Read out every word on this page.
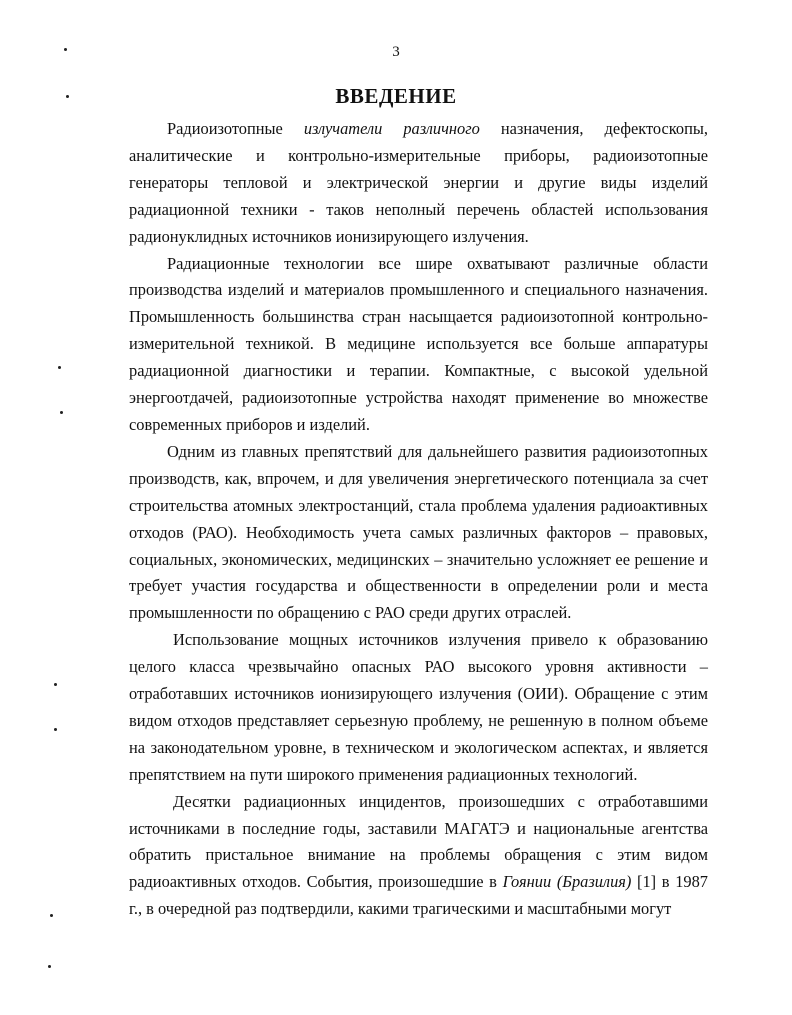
3
ВВЕДЕНИЕ

Радиоизотопные излучатели различного назначения, дефектоскопы, аналитические и контрольно-измерительные приборы, радиоизотопные генераторы тепловой и электрической энергии и другие виды изделий радиационной техники - таков неполный перечень областей использования радионуклидных источников ионизирующего излучения.

Радиационные технологии все шире охватывают различные области производства изделий и материалов промышленного и специального назначения. Промышленность большинства стран насыщается радиоизотопной контрольно-измерительной техникой. В медицине используется все больше аппаратуры радиационной диагностики и терапии. Компактные, с высокой удельной энергоотдачей, радиоизотопные устройства находят применение во множестве современных приборов и изделий.

Одним из главных препятствий для дальнейшего развития радиоизотопных производств, как, впрочем, и для увеличения энергетического потенциала за счет строительства атомных электростанций, стала проблема удаления радиоактивных отходов (РАО). Необходимость учета самых различных факторов – правовых, социальных, экономических, медицинских – значительно усложняет ее решение и требует участия государства и общественности в определении роли и места промышленности по обращению с РАО среди других отраслей.

Использование мощных источников излучения привело к образованию целого класса чрезвычайно опасных РАО высокого уровня активности – отработавших источников ионизирующего излучения (ОИИ). Обращение с этим видом отходов представляет серьезную проблему, не решенную в полном объеме на законодательном уровне, в техническом и экологическом аспектах, и является препятствием на пути широкого применения радиационных технологий.

Десятки радиационных инцидентов, произошедших с отработавшими источниками в последние годы, заставили МАГАТЭ и национальные агентства обратить пристальное внимание на проблемы обращения с этим видом радиоактивных отходов. События, произошедшие в Гоянии (Бразилия) [1] в 1987 г., в очередной раз подтвердили, какими трагическими и масштабными могут
